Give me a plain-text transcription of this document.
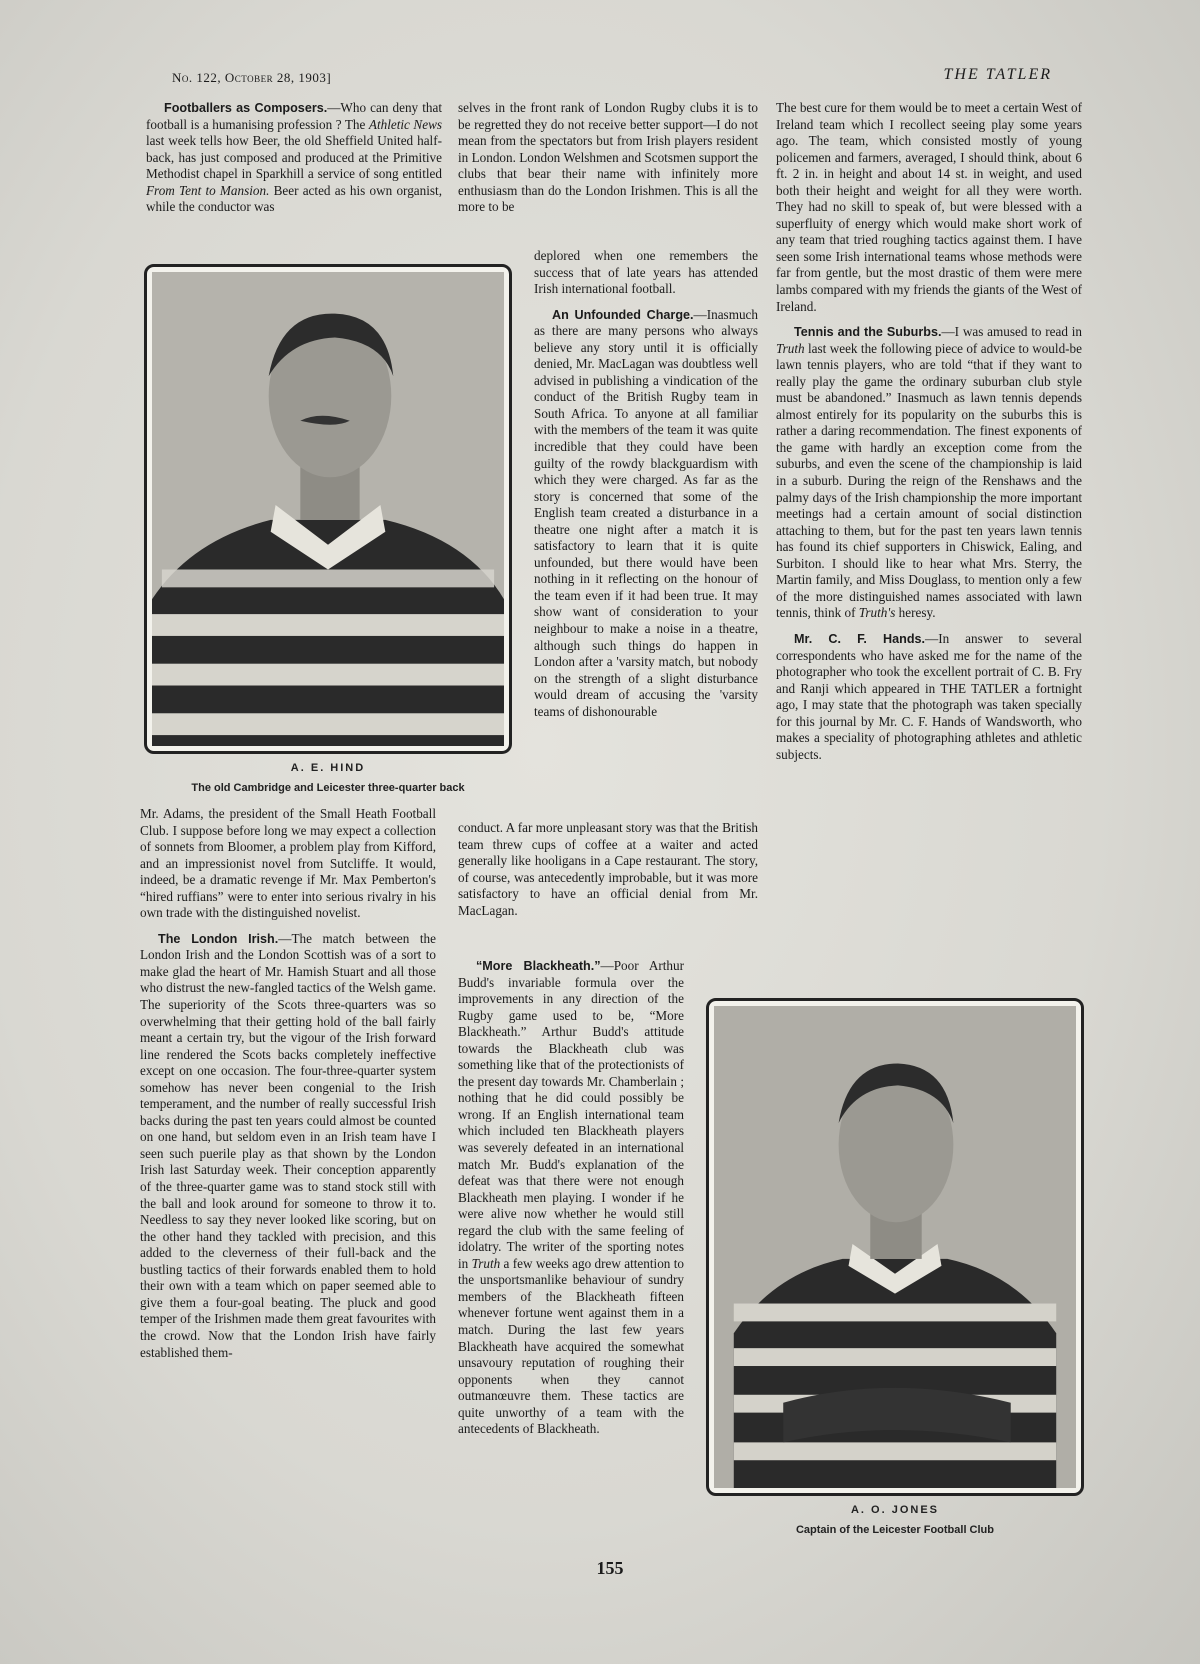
No. 122, October 28, 1903]	THE TATLER

Footballers as Composers.—Who can deny that football is a humanising profession ? The Athletic News last week tells how Beer, the old Sheffield United half-back, has just composed and produced at the Primitive Methodist chapel in Sparkhill a service of song entitled From Tent to Mansion. Beer acted as his own organist, while the conductor was

A. E. HIND
The old Cambridge and Leicester three-quarter back

Mr. Adams, the president of the Small Heath Football Club. I suppose before long we may expect a collection of sonnets from Bloomer, a problem play from Kifford, and an impressionist novel from Sutcliffe. It would, indeed, be a dramatic revenge if Mr. Max Pemberton's “hired ruffians” were to enter into serious rivalry in his own trade with the distinguished novelist.

The London Irish.—The match between the London Irish and the London Scottish was of a sort to make glad the heart of Mr. Hamish Stuart and all those who distrust the new-fangled tactics of the Welsh game. The superiority of the Scots three-quarters was so overwhelming that their getting hold of the ball fairly meant a certain try, but the vigour of the Irish forward line rendered the Scots backs completely ineffective except on one occasion. The four-three-quarter system somehow has never been congenial to the Irish temperament, and the number of really successful Irish backs during the past ten years could almost be counted on one hand, but seldom even in an Irish team have I seen such puerile play as that shown by the London Irish last Saturday week. Their conception apparently of the three-quarter game was to stand stock still with the ball and look around for someone to throw it to. Needless to say they never looked like scoring, but on the other hand they tackled with precision, and this added to the cleverness of their full-back and the bustling tactics of their forwards enabled them to hold their own with a team which on paper seemed able to give them a four-goal beating. The pluck and good temper of the Irishmen made them great favourites with the crowd. Now that the London Irish have fairly established them-

selves in the front rank of London Rugby clubs it is to be regretted they do not receive better support—I do not mean from the spectators but from Irish players resident in London. London Welshmen and Scotsmen support the clubs that bear their name with infinitely more enthusiasm than do the London Irishmen. This is all the more to be

deplored when one remembers the success that of late years has attended Irish international football.

An Unfounded Charge.—Inasmuch as there are many persons who always believe any story until it is officially denied, Mr. MacLagan was doubtless well advised in publishing a vindication of the conduct of the British Rugby team in South Africa. To anyone at all familiar with the members of the team it was quite incredible that they could have been guilty of the rowdy blackguardism with which they were charged. As far as the story is concerned that some of the English team created a disturbance in a theatre one night after a match it is satisfactory to learn that it is quite unfounded, but there would have been nothing in it reflecting on the honour of the team even if it had been true. It may show want of consideration to your neighbour to make a noise in a theatre, although such things do happen in London after a 'varsity match, but nobody on the strength of a slight disturbance would dream of accusing the 'varsity teams of dishonourable

conduct. A far more unpleasant story was that the British team threw cups of coffee at a waiter and acted generally like hooligans in a Cape restaurant. The story, of course, was antecedently improbable, but it was more satisfactory to have an official denial from Mr. MacLagan.

“More Blackheath.”—Poor Arthur Budd's invariable formula over the improvements in any direction of the Rugby game used to be, “More Blackheath.” Arthur Budd's attitude towards the Blackheath club was something like that of the protectionists of the present day towards Mr. Chamberlain ; nothing that he did could possibly be wrong. If an English international team which included ten Blackheath players was severely defeated in an international match Mr. Budd's explanation of the defeat was that there were not enough Blackheath men playing. I wonder if he were alive now whether he would still regard the club with the same feeling of idolatry. The writer of the sporting notes in Truth a few weeks ago drew attention to the unsportsmanlike behaviour of sundry members of the Blackheath fifteen whenever fortune went against them in a match. During the last few years Blackheath have acquired the somewhat unsavoury reputation of roughing their opponents when they cannot outmanœuvre them. These tactics are quite unworthy of a team with the antecedents of Blackheath.

The best cure for them would be to meet a certain West of Ireland team which I recollect seeing play some years ago. The team, which consisted mostly of young policemen and farmers, averaged, I should think, about 6 ft. 2 in. in height and about 14 st. in weight, and used both their height and weight for all they were worth. They had no skill to speak of, but were blessed with a superfluity of energy which would make short work of any team that tried roughing tactics against them. I have seen some Irish international teams whose methods were far from gentle, but the most drastic of them were mere lambs compared with my friends the giants of the West of Ireland.

Tennis and the Suburbs.—I was amused to read in Truth last week the following piece of advice to would-be lawn tennis players, who are told “that if they want to really play the game the ordinary suburban club style must be abandoned.” Inasmuch as lawn tennis depends almost entirely for its popularity on the suburbs this is rather a daring recommendation. The finest exponents of the game with hardly an exception come from the suburbs, and even the scene of the championship is laid in a suburb. During the reign of the Renshaws and the palmy days of the Irish championship the more important meetings had a certain amount of social distinction attaching to them, but for the past ten years lawn tennis has found its chief supporters in Chiswick, Ealing, and Surbiton. I should like to hear what Mrs. Sterry, the Martin family, and Miss Douglass, to mention only a few of the more distinguished names associated with lawn tennis, think of Truth's heresy.

Mr. C. F. Hands.—In answer to several correspondents who have asked me for the name of the photographer who took the excellent portrait of C. B. Fry and Ranji which appeared in THE TATLER a fortnight ago, I may state that the photograph was taken specially for this journal by Mr. C. F. Hands of Wandsworth, who makes a speciality of photographing athletes and athletic subjects.

A. O. JONES
Captain of the Leicester Football Club
155
